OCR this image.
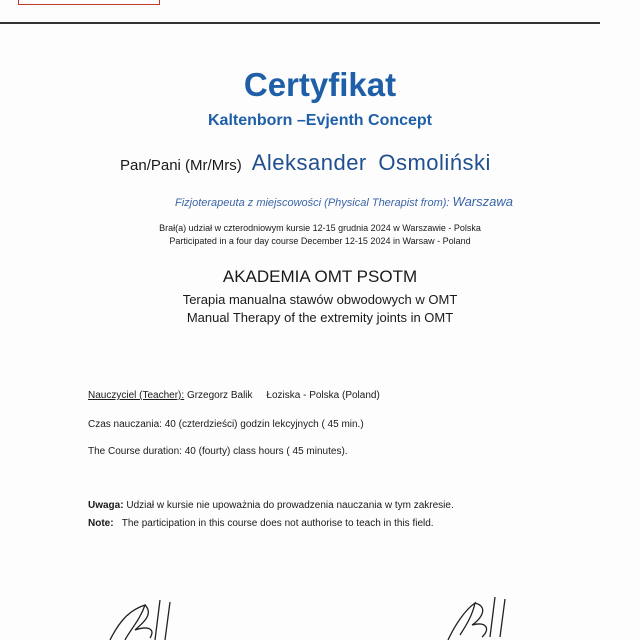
Certyfikat
Kaltenborn –Evjenth Concept
Pan/Pani (Mr/Mrs) Aleksander Osmoliński
Fizjoterapeuta z miejscowości (Physical Therapist from): Warszawa
Brał(a) udział w czterodniowym kursie 12-15 grudnia 2024 w Warszawie - Polska
Participated in a four day course December 12-15 2024 in Warsaw - Poland
AKADEMIA OMT PSOTM
Terapia manualna stawów obwodowych w OMT
Manual Therapy of the extremity joints in OMT
Nauczyciel (Teacher): Grzegorz Balik     Łoziska - Polska (Poland)
Czas nauczania: 40 (czterdzieści) godzin lekcyjnych ( 45 min.)
The Course duration: 40 (fourty) class hours ( 45 minutes).
Uwaga: Udział w kursie nie upoważnia do prowadzenia nauczania w tym zakresie.
Note: The participation in this course does not authorise to teach in this field.
